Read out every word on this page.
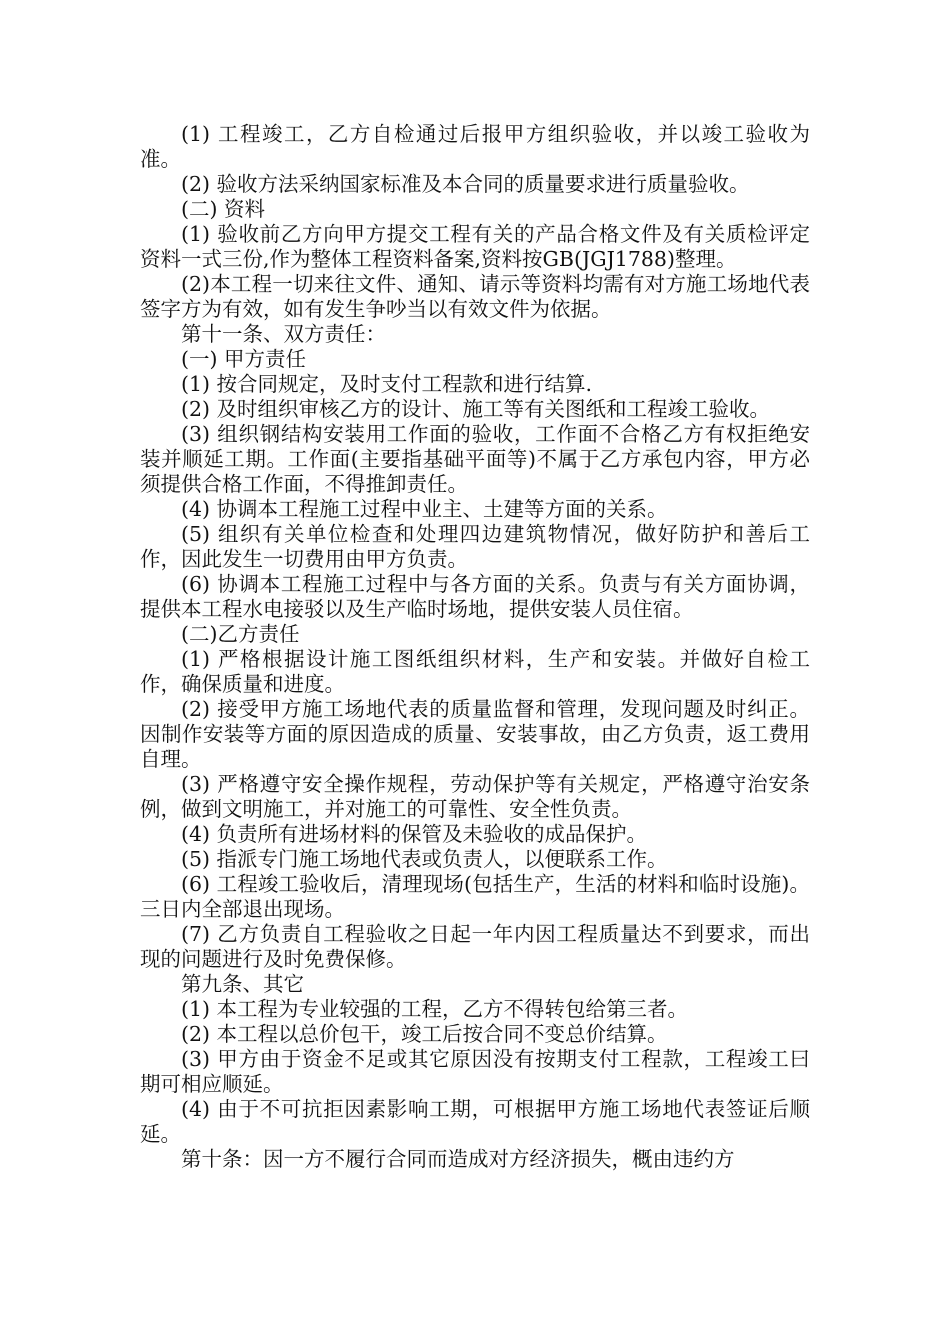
(1) 工程竣工，乙方自检通过后报甲方组织验收，并以竣工验收为准。

(2) 验收方法采纳国家标准及本合同的质量要求进行质量验收。

(二) 资料

(1) 验收前乙方向甲方提交工程有关的产品合格文件及有关质检评定资料一式三份,作为整体工程资料备案,资料按GB(JGJ1788)整理。

(2)本工程一切来往文件、通知、请示等资料均需有对方施工场地代表签字方为有效，如有发生争吵当以有效文件为依据。

第十一条、双方责任：

(一) 甲方责任

(1) 按合同规定，及时支付工程款和进行结算.

(2) 及时组织审核乙方的设计、施工等有关图纸和工程竣工验收。

(3) 组织钢结构安装用工作面的验收，工作面不合格乙方有权拒绝安装并顺延工期。工作面(主要指基础平面等)不属于乙方承包内容，甲方必须提供合格工作面，不得推卸责任。

(4) 协调本工程施工过程中业主、土建等方面的关系。

(5) 组织有关单位检查和处理四边建筑物情况，做好防护和善后工作，因此发生一切费用由甲方负责。

(6) 协调本工程施工过程中与各方面的关系。负责与有关方面协调，提供本工程水电接驳以及生产临时场地，提供安装人员住宿。

(二)乙方责任

(1) 严格根据设计施工图纸组织材料，生产和安装。并做好自检工作，确保质量和进度。

(2) 接受甲方施工场地代表的质量监督和管理，发现问题及时纠正。因制作安装等方面的原因造成的质量、安装事故，由乙方负责，返工费用自理。

(3) 严格遵守安全操作规程，劳动保护等有关规定，严格遵守治安条例，做到文明施工，并对施工的可靠性、安全性负责。

(4) 负责所有进场材料的保管及未验收的成品保护。

(5) 指派专门施工场地代表或负责人，以便联系工作。

(6) 工程竣工验收后，清理现场(包括生产，生活的材料和临时设施)。三日内全部退出现场。

(7) 乙方负责自工程验收之日起一年内因工程质量达不到要求，而出现的问题进行及时免费保修。

第九条、其它

(1) 本工程为专业较强的工程，乙方不得转包给第三者。

(2) 本工程以总价包干，竣工后按合同不变总价结算。

(3) 甲方由于资金不足或其它原因没有按期支付工程款，工程竣工曰期可相应顺延。

(4) 由于不可抗拒因素影响工期，可根据甲方施工场地代表签证后顺延。

第十条：因一方不履行合同而造成对方经济损失，概由违约方
